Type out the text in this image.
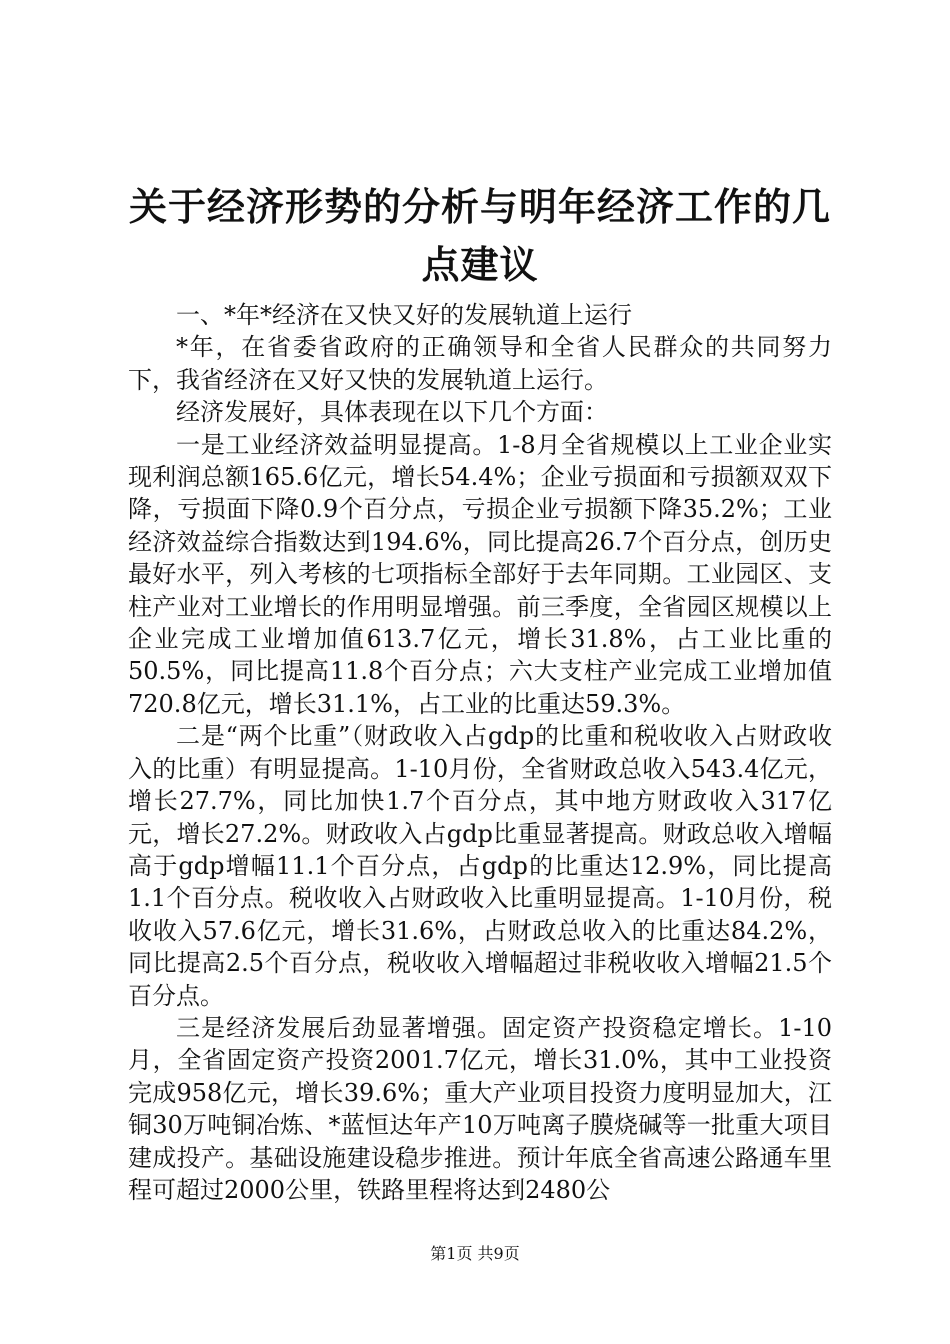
关于经济形势的分析与明年经济工作的几点建议

一、*年*经济在又快又好的发展轨道上运行

*年，在省委省政府的正确领导和全省人民群众的共同努力下，我省经济在又好又快的发展轨道上运行。

经济发展好，具体表现在以下几个方面：

一是工业经济效益明显提高。1-8月全省规模以上工业企业实现利润总额165.6亿元，增长54.4%；企业亏损面和亏损额双双下降，亏损面下降0.9个百分点，亏损企业亏损额下降35.2%；工业经济效益综合指数达到194.6%，同比提高26.7个百分点，创历史最好水平，列入考核的七项指标全部好于去年同期。工业园区、支柱产业对工业增长的作用明显增强。前三季度，全省园区规模以上企业完成工业增加值613.7亿元，增长31.8%，占工业比重的50.5%，同比提高11.8个百分点；六大支柱产业完成工业增加值720.8亿元，增长31.1%，占工业的比重达59.3%。

二是“两个比重”（财政收入占gdp的比重和税收收入占财政收入的比重）有明显提高。1-10月份，全省财政总收入543.4亿元，增长27.7%，同比加快1.7个百分点，其中地方财政收入317亿元，增长27.2%。财政收入占gdp比重显著提高。财政总收入增幅高于gdp增幅11.1个百分点，占gdp的比重达12.9%，同比提高1.1个百分点。税收收入占财政收入比重明显提高。1-10月份，税收收入57.6亿元，增长31.6%，占财政总收入的比重达84.2%，同比提高2.5个百分点，税收收入增幅超过非税收收入增幅21.5个百分点。

三是经济发展后劲显著增强。固定资产投资稳定增长。1-10月，全省固定资产投资2001.7亿元，增长31.0%，其中工业投资完成958亿元，增长39.6%；重大产业项目投资力度明显加大，江铜30万吨铜冶炼、*蓝恒达年产10万吨离子膜烧碱等一批重大项目建成投产。基础设施建设稳步推进。预计年底全省高速公路通车里程可超过2000公里，铁路里程将达到2480公

第1页 共9页
